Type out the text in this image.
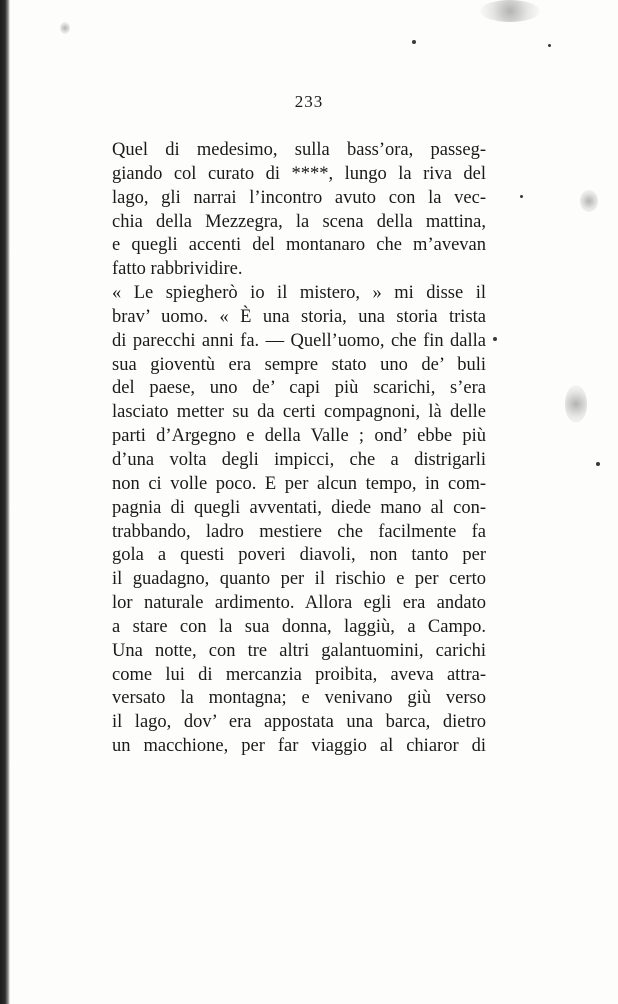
233
Quel di medesimo, sulla bass’ora, passeg-
giando col curato di ****, lungo la riva del
lago, gli narrai l’incontro avuto con la vec-
chia della Mezzegra, la scena della mattina,
e quegli accenti del montanaro che m’avevan
fatto rabbrividire.
« Le spiegherò io il mistero, » mi disse il
brav’ uomo. « È una storia, una storia trista
di parecchi anni fa. — Quell’uomo, che fin dalla
sua gioventù era sempre stato uno de’ buli
del paese, uno de’ capi più scarichi, s’era
lasciato metter su da certi compagnoni, là delle
parti d’Argegno e della Valle ; ond’ ebbe più
d’una volta degli impicci, che a distrigarli
non ci volle poco. E per alcun tempo, in com-
pagnia di quegli avventati, diede mano al con-
trabbando, ladro mestiere che facilmente fa
gola a questi poveri diavoli, non tanto per
il guadagno, quanto per il rischio e per certo
lor naturale ardimento. Allora egli era andato
a stare con la sua donna, laggiù, a Campo.
Una notte, con tre altri galantuomini, carichi
come lui di mercanzia proibita, aveva attra-
versato la montagna; e venivano giù verso
il lago, dov’ era appostata una barca, dietro
un macchione, per far viaggio al chiaror di
